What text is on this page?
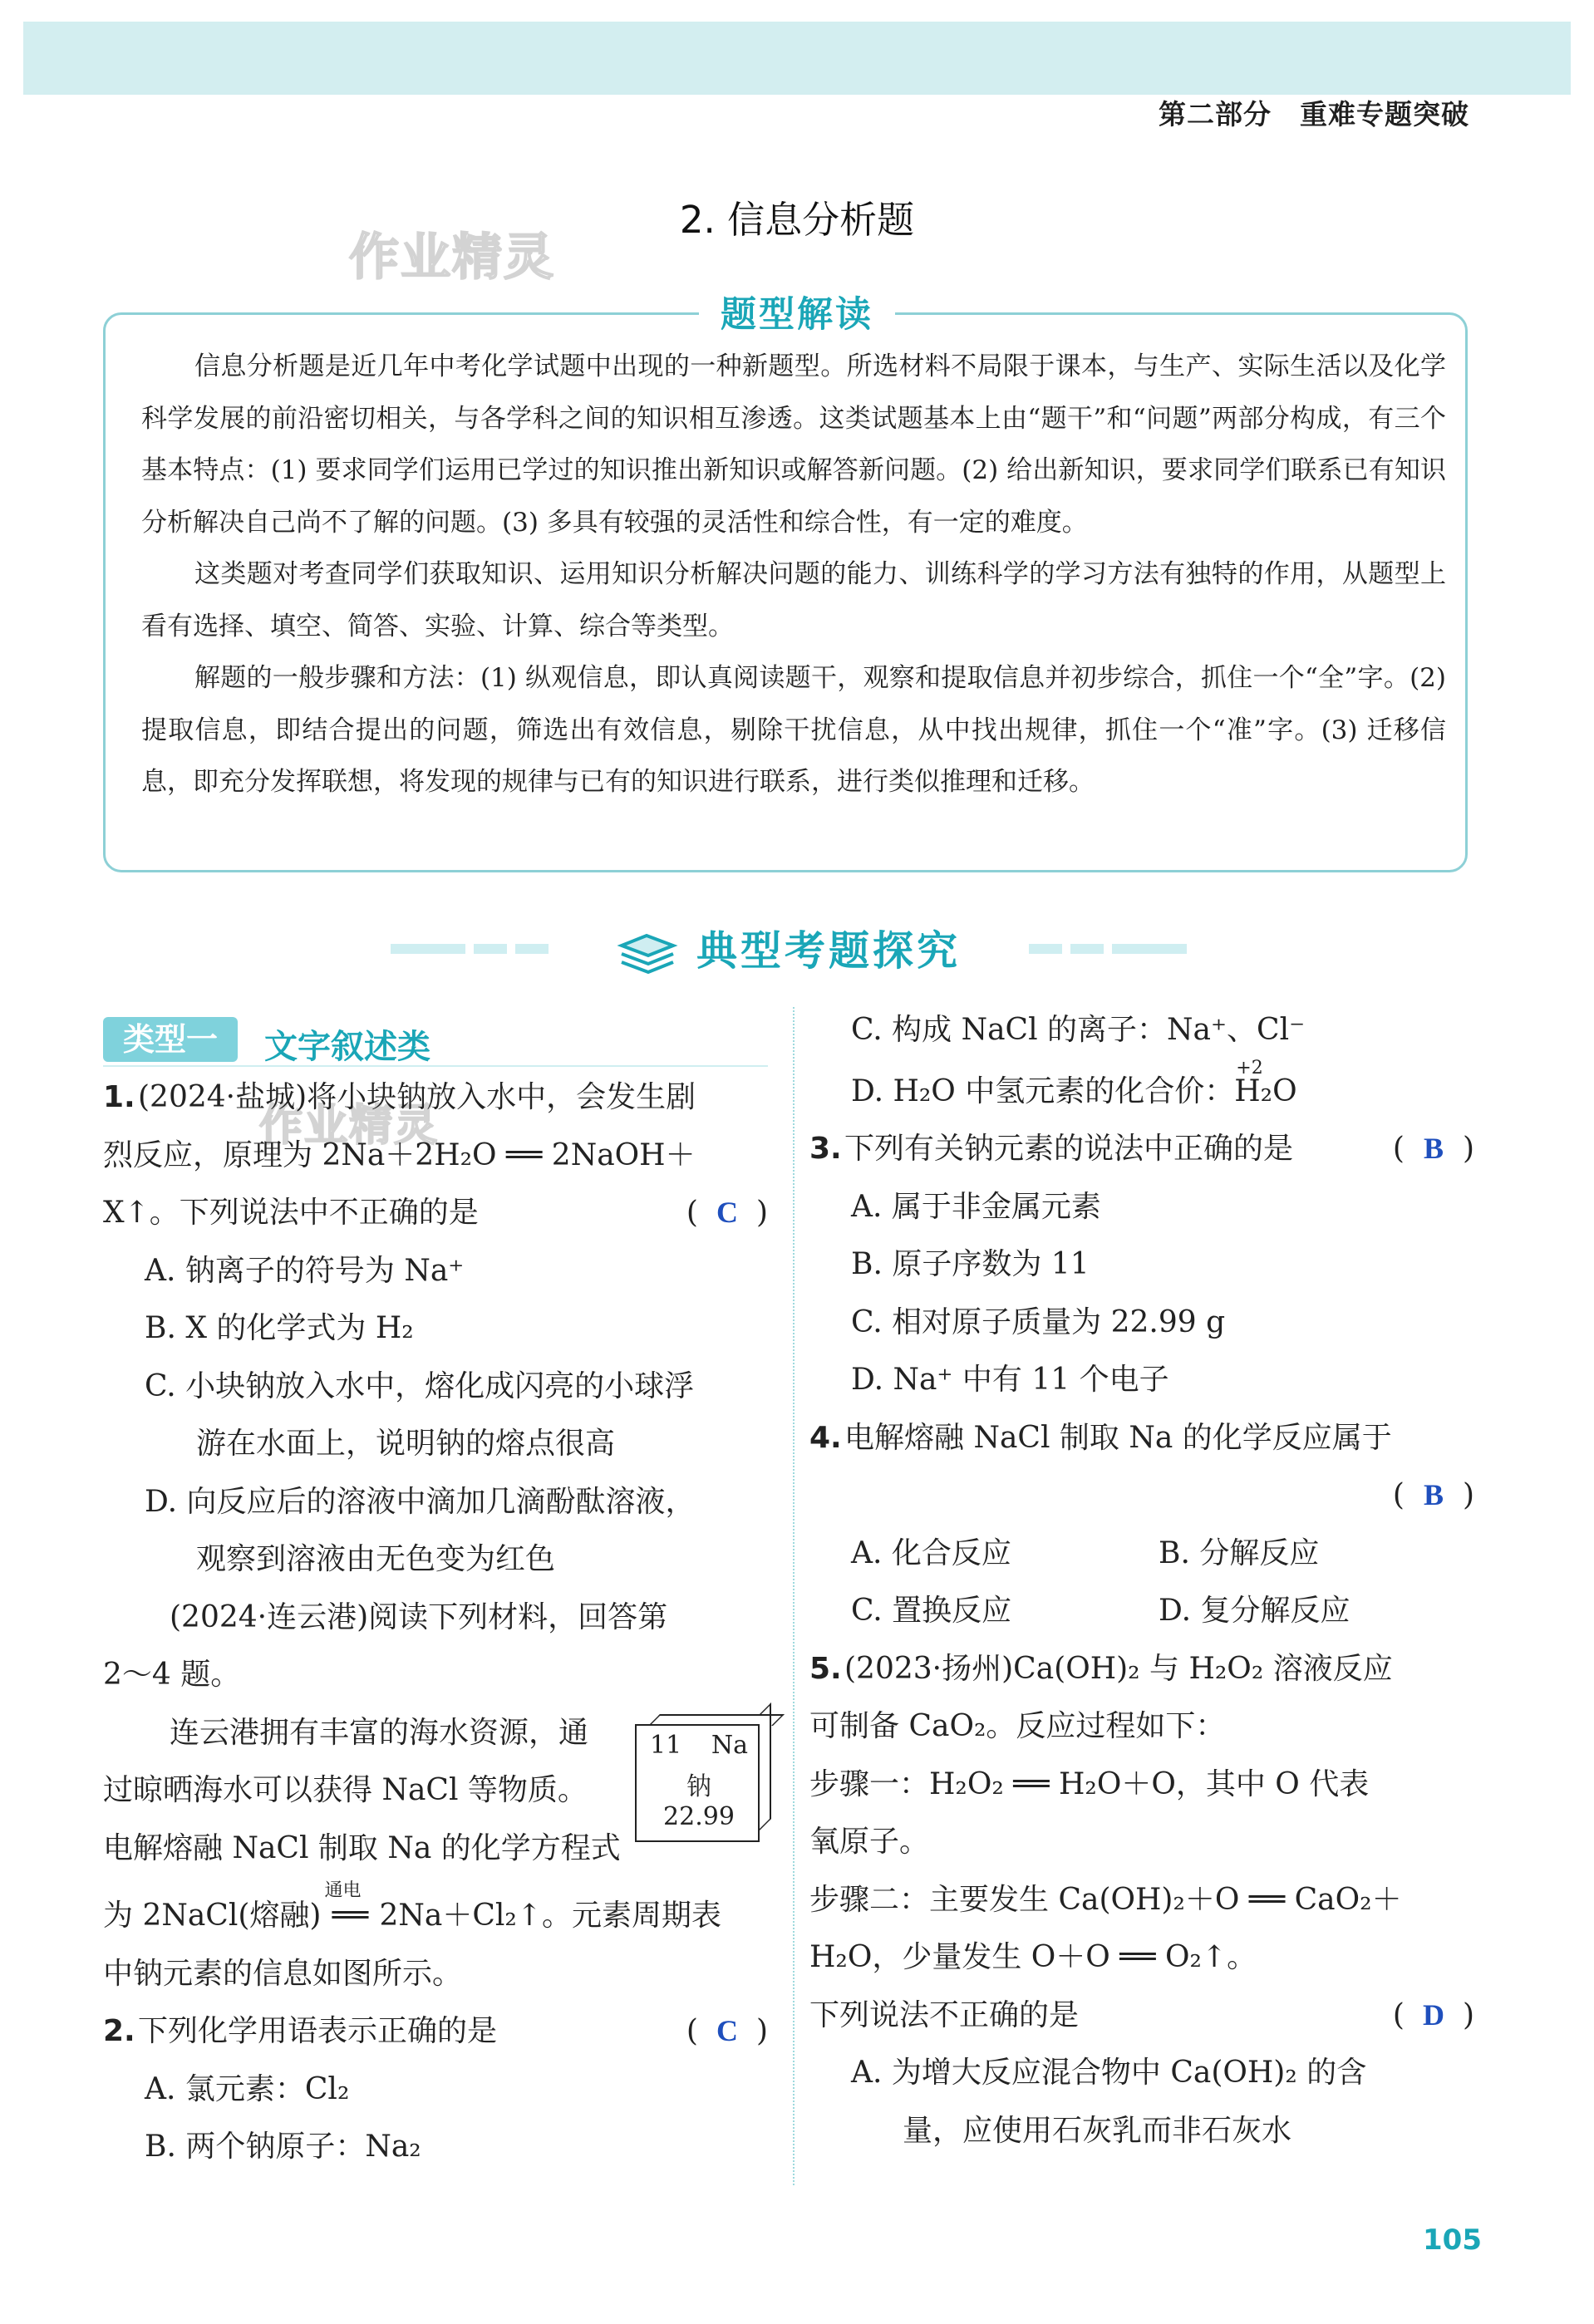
第二部分　重难专题突破
作业精灵
作业精灵
2. 信息分析题
题型解读

信息分析题是近几年中考化学试题中出现的一种新题型。所选材料不局限于课本，与生产、实际生活以及化学科学发展的前沿密切相关，与各学科之间的知识相互渗透。这类试题基本上由“题干”和“问题”两部分构成，有三个基本特点：(1) 要求同学们运用已学过的知识推出新知识或解答新问题。(2) 给出新知识，要求同学们联系已有知识分析解决自己尚不了解的问题。(3) 多具有较强的灵活性和综合性，有一定的难度。

这类题对考查同学们获取知识、运用知识分析解决问题的能力、训练科学的学习方法有独特的作用，从题型上看有选择、填空、简答、实验、计算、综合等类型。

解题的一般步骤和方法：(1) 纵观信息，即认真阅读题干，观察和提取信息并初步综合，抓住一个“全”字。(2) 提取信息，即结合提出的问题，筛选出有效信息，剔除干扰信息，从中找出规律，抓住一个“准”字。(3) 迁移信息，即充分发挥联想，将发现的规律与已有的知识进行联系，进行类似推理和迁移。

典型考题探究
类型一	文字叙述类
1.(2024·盐城)将小块钠放入水中，会发生剧
烈反应，原理为 2Na＋2H₂O ══ 2NaOH＋
X↑。下列说法中不正确的是	( C )
A. 钠离子的符号为 Na⁺
B. X 的化学式为 H₂
C. 小块钠放入水中，熔化成闪亮的小球浮
游在水面上，说明钠的熔点很高
D. 向反应后的溶液中滴加几滴酚酞溶液，
观察到溶液由无色变为红色
(2024·连云港)阅读下列材料，回答第
2～4 题。
11	Na
钠
22.99
连云港拥有丰富的海水资源，通
过晾晒海水可以获得 NaCl 等物质。
电解熔融 NaCl 制取 Na 的化学方程式
为 2NaCl(熔融)
通电
══ 2Na＋Cl₂↑。元素周期表
中钠元素的信息如图所示。
2.下列化学用语表示正确的是	( C )
A. 氯元素：Cl₂
B. 两个钠原子：Na₂
C. 构成 NaCl 的离子：Na⁺、Cl⁻
D. H₂O 中氢元素的化合价：
+2
H₂O
3.下列有关钠元素的说法中正确的是	( B )
A. 属于非金属元素
B. 原子序数为 11
C. 相对原子质量为 22.99 g
D. Na⁺ 中有 11 个电子
4.电解熔融 NaCl 制取 Na 的化学反应属于
( B )

A. 化合反应	B. 分解反应
C. 置换反应	D. 复分解反应
5.(2023·扬州)Ca(OH)₂ 与 H₂O₂ 溶液反应
可制备 CaO₂。反应过程如下：
步骤一：H₂O₂ ══ H₂O＋O，其中 O 代表
氧原子。
步骤二：主要发生 Ca(OH)₂＋O ══ CaO₂＋
H₂O，少量发生 O＋O ══ O₂↑。
下列说法不正确的是	( D )
A. 为增大反应混合物中 Ca(OH)₂ 的含
量，应使用石灰乳而非石灰水
105
